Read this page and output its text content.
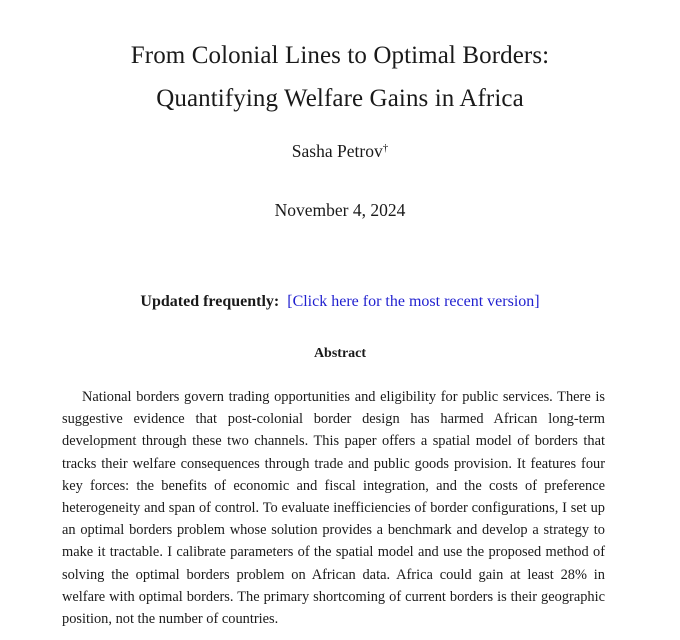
From Colonial Lines to Optimal Borders:
Quantifying Welfare Gains in Africa
Sasha Petrov†
November 4, 2024
Updated frequently: [Click here for the most recent version]
Abstract

National borders govern trading opportunities and eligibility for public services. There is suggestive evidence that post-colonial border design has harmed African long-term development through these two channels. This paper offers a spatial model of borders that tracks their welfare consequences through trade and public goods provision. It features four key forces: the benefits of economic and fiscal integration, and the costs of preference heterogeneity and span of control. To evaluate inefficiencies of border configurations, I set up an optimal borders problem whose solution provides a benchmark and develop a strategy to make it tractable. I calibrate parameters of the spatial model and use the proposed method of solving the optimal borders problem on African data. Africa could gain at least 28% in welfare with optimal borders. The primary shortcoming of current borders is their geographic position, not the number of countries.
